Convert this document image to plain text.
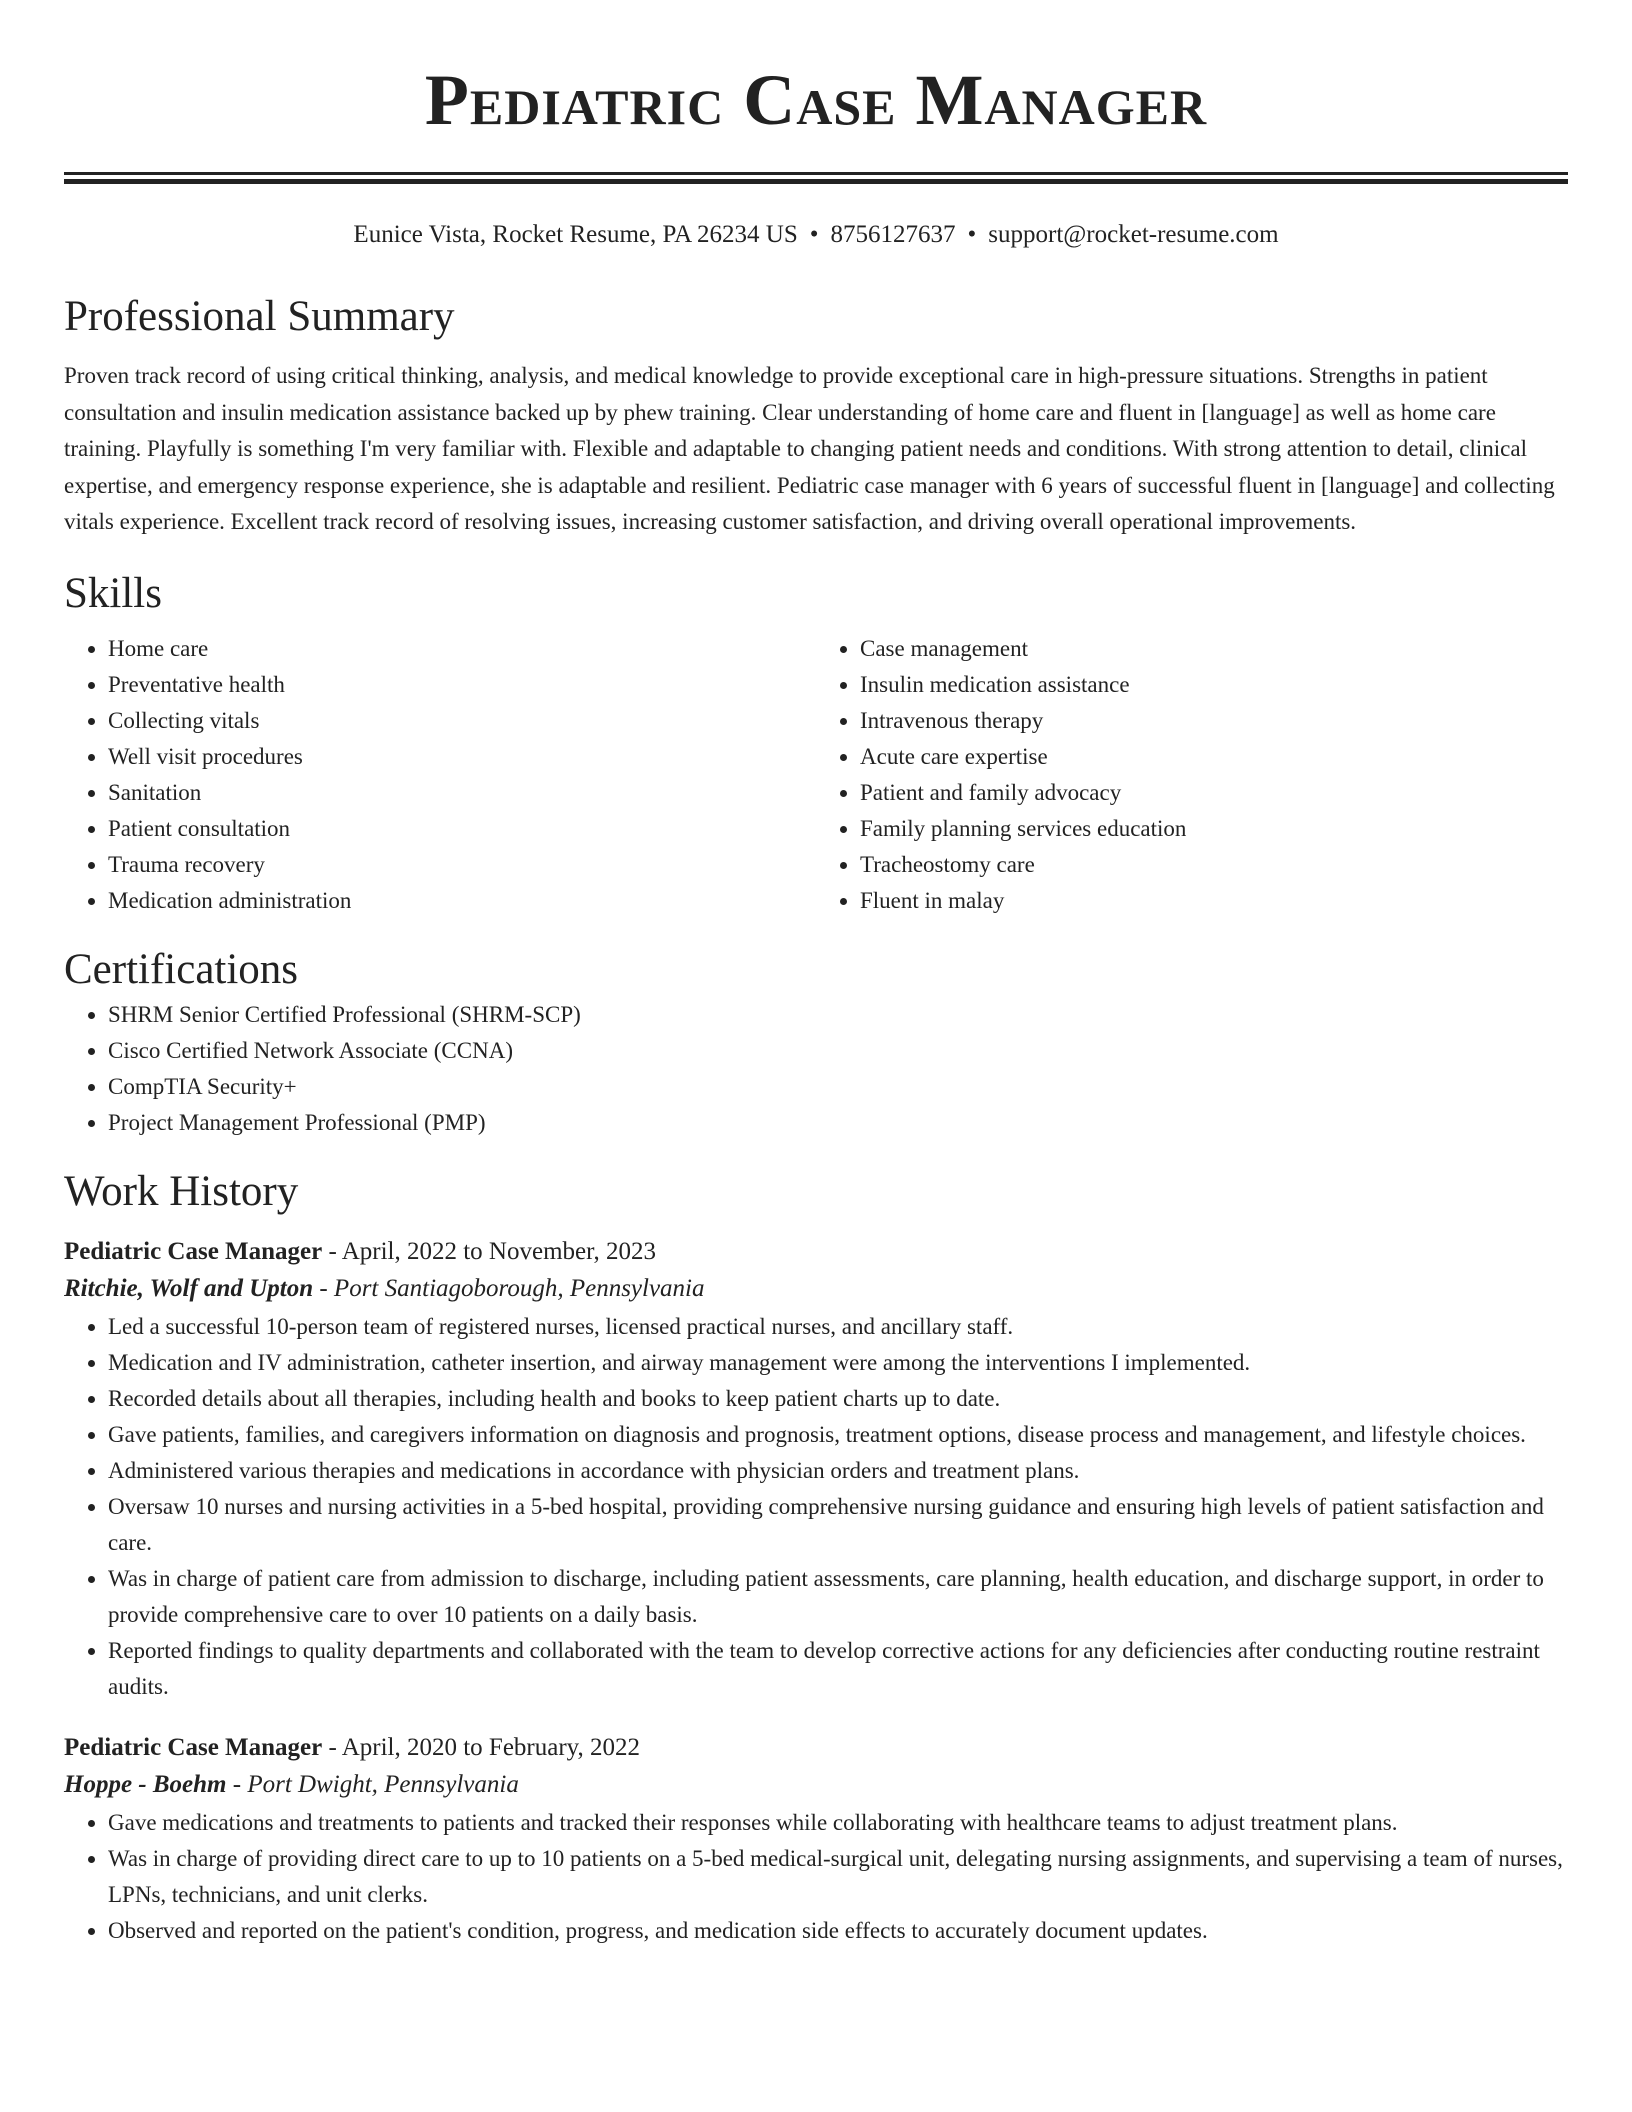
Pediatric Case Manager
Eunice Vista, Rocket Resume, PA 26234 US • 8756127637 • support@rocket-resume.com
Professional Summary

Proven track record of using critical thinking, analysis, and medical knowledge to provide exceptional care in high-pressure situations. Strengths in patient consultation and insulin medication assistance backed up by phew training. Clear understanding of home care and fluent in [language] as well as home care training. Playfully is something I'm very familiar with. Flexible and adaptable to changing patient needs and conditions. With strong attention to detail, clinical expertise, and emergency response experience, she is adaptable and resilient. Pediatric case manager with 6 years of successful fluent in [language] and collecting vitals experience. Excellent track record of resolving issues, increasing customer satisfaction, and driving overall operational improvements.

Skills
• Home care
• Preventative health
• Collecting vitals
• Well visit procedures
• Sanitation
• Patient consultation
• Trauma recovery
• Medication administration
• Case management
• Insulin medication assistance
• Intravenous therapy
• Acute care expertise
• Patient and family advocacy
• Family planning services education
• Tracheostomy care
• Fluent in malay
Certifications
• SHRM Senior Certified Professional (SHRM-SCP)
• Cisco Certified Network Associate (CCNA)
• CompTIA Security+
• Project Management Professional (PMP)
Work History
Pediatric Case Manager - April, 2022 to November, 2023
Ritchie, Wolf and Upton - Port Santiagoborough, Pennsylvania
• Led a successful 10-person team of registered nurses, licensed practical nurses, and ancillary staff.
• Medication and IV administration, catheter insertion, and airway management were among the interventions I implemented.
• Recorded details about all therapies, including health and books to keep patient charts up to date.
• Gave patients, families, and caregivers information on diagnosis and prognosis, treatment options, disease process and management, and lifestyle choices.
• Administered various therapies and medications in accordance with physician orders and treatment plans.
• Oversaw 10 nurses and nursing activities in a 5-bed hospital, providing comprehensive nursing guidance and ensuring high levels of patient satisfaction and care.
• Was in charge of patient care from admission to discharge, including patient assessments, care planning, health education, and discharge support, in order to provide comprehensive care to over 10 patients on a daily basis.
• Reported findings to quality departments and collaborated with the team to develop corrective actions for any deficiencies after conducting routine restraint audits.
Pediatric Case Manager - April, 2020 to February, 2022
Hoppe - Boehm - Port Dwight, Pennsylvania
• Gave medications and treatments to patients and tracked their responses while collaborating with healthcare teams to adjust treatment plans.
• Was in charge of providing direct care to up to 10 patients on a 5-bed medical-surgical unit, delegating nursing assignments, and supervising a team of nurses, LPNs, technicians, and unit clerks.
• Observed and reported on the patient's condition, progress, and medication side effects to accurately document updates.
